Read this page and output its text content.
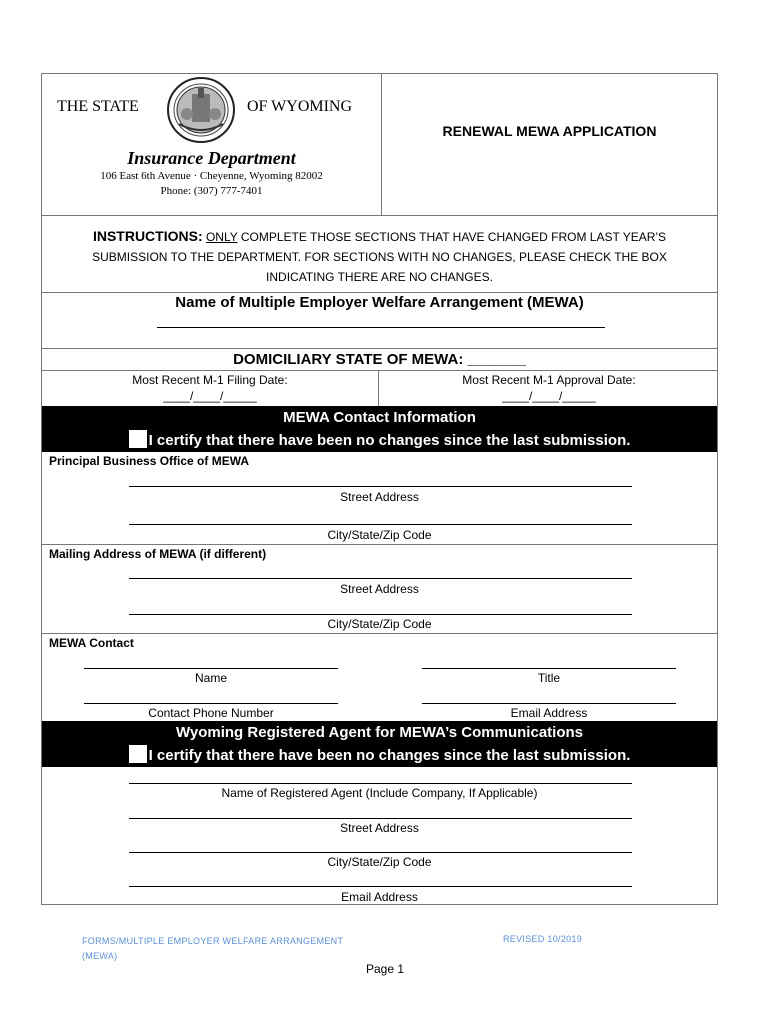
THE STATE	OF WYOMING
Insurance Department
106 East 6th Avenue · Cheyenne, Wyoming 82002
Phone: (307) 777-7401
RENEWAL MEWA APPLICATION
INSTRUCTIONS: ONLY COMPLETE THOSE SECTIONS THAT HAVE CHANGED FROM LAST YEAR’S
SUBMISSION TO THE DEPARTMENT. FOR SECTIONS WITH NO CHANGES, PLEASE CHECK THE BOX
INDICATING THERE ARE NO CHANGES.
Name of Multiple Employer Welfare Arrangement (MEWA)
DOMICILIARY STATE OF MEWA: _______
Most Recent M-1 Filing Date:
____/____/_____
Most Recent M-1 Approval Date:
____/____/_____
MEWA Contact Information
I certify that there have been no changes since the last submission.
Principal Business Office of MEWA
Street Address
City/State/Zip Code
Mailing Address of MEWA (if different)
Street Address
City/State/Zip Code
MEWA Contact
Name	Title
Contact Phone Number	Email Address
Wyoming Registered Agent for MEWA’s Communications
I certify that there have been no changes since the last submission.
Name of Registered Agent (Include Company, If Applicable)
Street Address
City/State/Zip Code
Email Address
FORMS/MULTIPLE EMPLOYER WELFARE ARRANGEMENT
(MEWA)
REVISED 10/2019
Page 1
